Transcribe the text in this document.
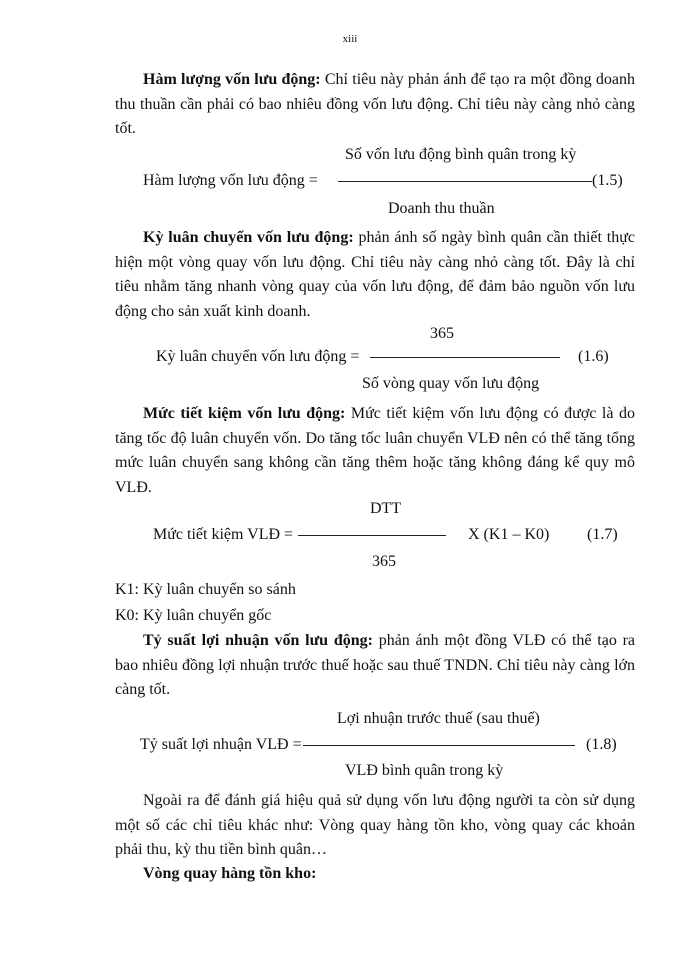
xiii

Hàm lượng vốn lưu động: Chỉ tiêu này phản ánh để tạo ra một đồng doanh thu thuần cần phải có bao nhiêu đồng vốn lưu động. Chỉ tiêu này càng nhỏ càng tốt.

Số vốn lưu động bình quân trong kỳ
Hàm lượng vốn lưu động =	(1.5)
Doanh thu thuần

Kỳ luân chuyển vốn lưu động: phản ánh số ngày bình quân cần thiết thực hiện một vòng quay vốn lưu động. Chỉ tiêu này càng nhỏ càng tốt. Đây là chỉ tiêu nhằm tăng nhanh vòng quay của vốn lưu động, để đảm bảo nguồn vốn lưu động cho sản xuất kinh doanh.

365
Kỳ luân chuyển vốn lưu động =	(1.6)
Số vòng quay vốn lưu động

Mức tiết kiệm vốn lưu động: Mức tiết kiệm vốn lưu động có được là do tăng tốc độ luân chuyển vốn. Do tăng tốc luân chuyển VLĐ nên có thể tăng tổng mức luân chuyển sang không cần tăng thêm hoặc tăng không đáng kể quy mô VLĐ.

DTT
Mức tiết kiệm VLĐ =	X (K1 – K0) (1.7)
365

K1: Kỳ luân chuyển so sánh

K0: Kỳ luân chuyển gốc

Tỷ suất lợi nhuận vốn lưu động: phản ánh một đồng VLĐ có thể tạo ra bao nhiêu đồng lợi nhuận trước thuế hoặc sau thuế TNDN. Chỉ tiêu này càng lớn càng tốt.

Lợi nhuận trước thuế (sau thuế)
Tỷ suất lợi nhuận VLĐ =	(1.8)
VLĐ bình quân trong kỳ

Ngoài ra để đánh giá hiệu quả sử dụng vốn lưu động người ta còn sử dụng một số các chỉ tiêu khác như: Vòng quay hàng tồn kho, vòng quay các khoản phải thu, kỳ thu tiền bình quân…

Vòng quay hàng tồn kho:
